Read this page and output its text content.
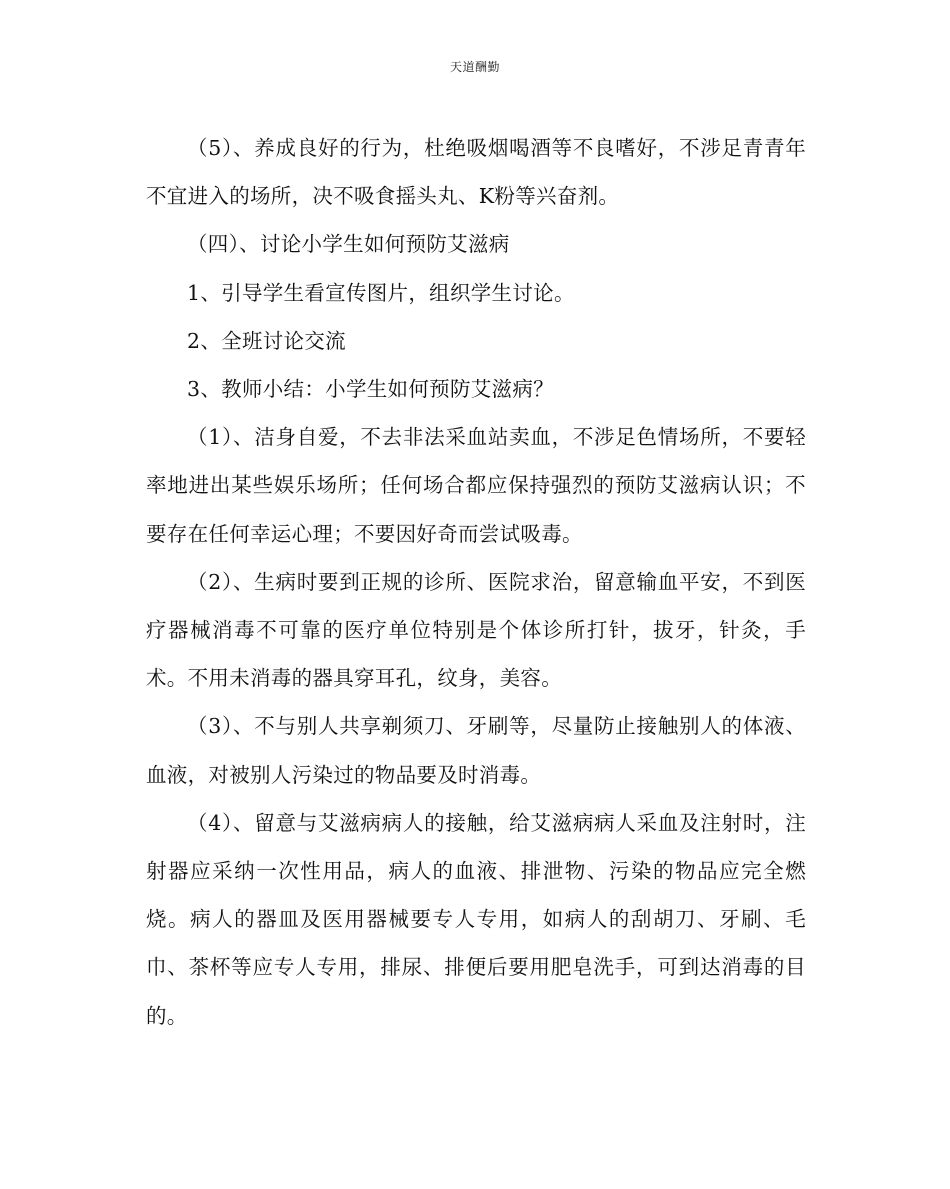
天道酬勤

（5）、养成良好的行为，杜绝吸烟喝酒等不良嗜好，不涉足青青年不宜进入的场所，决不吸食摇头丸、K粉等兴奋剂。

（四）、讨论小学生如何预防艾滋病

1、引导学生看宣传图片，组织学生讨论。

2、全班讨论交流

3、教师小结：小学生如何预防艾滋病？

（1）、洁身自爱，不去非法采血站卖血，不涉足色情场所，不要轻率地进出某些娱乐场所；任何场合都应保持强烈的预防艾滋病认识；不要存在任何幸运心理；不要因好奇而尝试吸毒。

（2）、生病时要到正规的诊所、医院求治，留意输血平安，不到医疗器械消毒不可靠的医疗单位特别是个体诊所打针，拔牙，针灸，手术。不用未消毒的器具穿耳孔，纹身，美容。

（3）、不与别人共享剃须刀、牙刷等，尽量防止接触别人的体液、血液，对被别人污染过的物品要及时消毒。

（4）、留意与艾滋病病人的接触，给艾滋病病人采血及注射时，注射器应采纳一次性用品，病人的血液、排泄物、污染的物品应完全燃烧。病人的器皿及医用器械要专人专用，如病人的刮胡刀、牙刷、毛巾、茶杯等应专人专用，排尿、排便后要用肥皂洗手，可到达消毒的目的。
